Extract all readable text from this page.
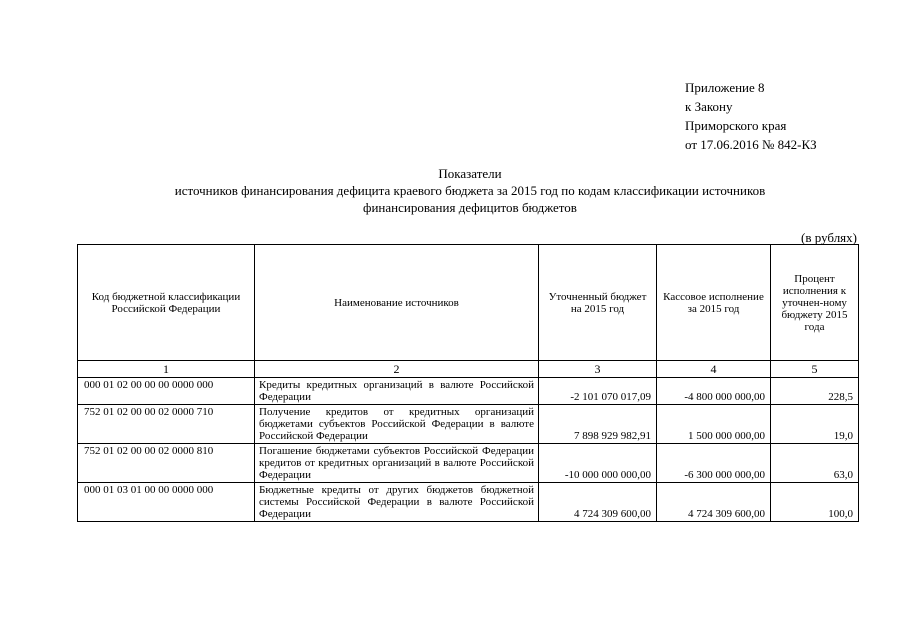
Приложение 8
к Закону
Приморского края
от 17.06.2016 № 842-КЗ
Показатели
источников финансирования дефицита краевого бюджета за 2015 год по кодам классификации источников
финансирования дефицитов бюджетов
(в рублях)
Код бюджетной классификации Российской Федерации	Наименование источников	Уточненный бюджет на 2015 год	Кассовое исполнение за 2015 год	Процент исполнения к уточнен-ному бюджету 2015 года
1	2	3	4	5
000 01 02 00 00 00 0000 000	Кредиты кредитных организаций в валюте Российской Федерации	-2 101 070 017,09	-4 800 000 000,00	228,5
752 01 02 00 00 02 0000 710	Получение кредитов от кредитных организаций бюджетами субъектов Российской Федерации в валюте Российской Федерации	7 898 929 982,91	1 500 000 000,00	19,0
752 01 02 00 00 02 0000 810	Погашение бюджетами субъектов Российской Федерации кредитов от кредитных организаций в валюте Российской Федерации	-10 000 000 000,00	-6 300 000 000,00	63,0
000 01 03 01 00 00 0000 000	Бюджетные кредиты от других бюджетов бюджетной системы Российской Федерации в валюте Российской Федерации	4 724 309 600,00	4 724 309 600,00	100,0
